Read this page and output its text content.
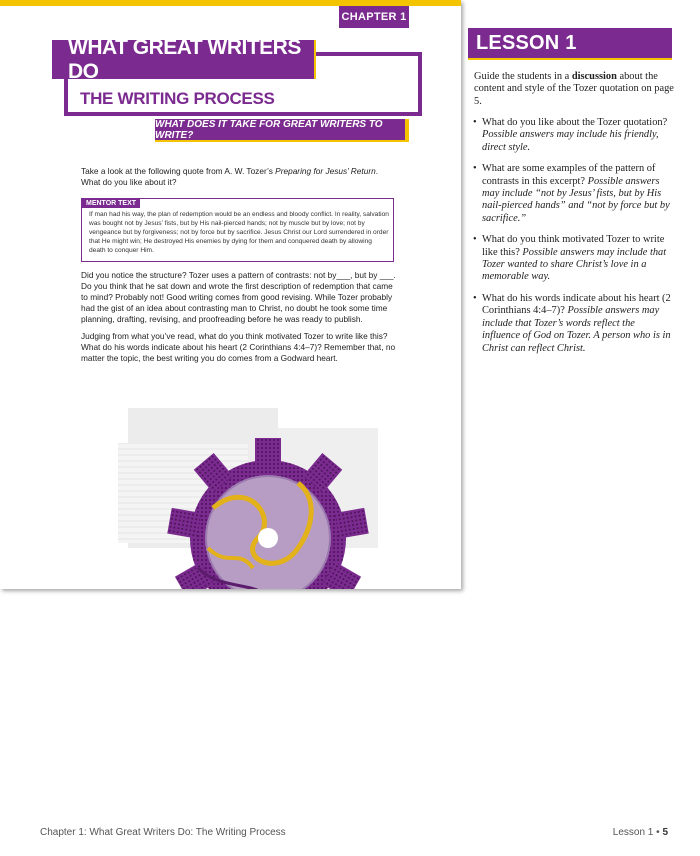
CHAPTER 1
WHAT GREAT WRITERS DO
THE WRITING PROCESS
WHAT DOES IT TAKE FOR GREAT WRITERS TO WRITE?

Take a look at the following quote from A. W. Tozer’s Preparing for Jesus’ Return. What do you like about it?

MENTOR TEXT

If man had his way, the plan of redemption would be an endless and bloody conflict. In reality, salvation was bought not by Jesus’ fists, but by His nail-pierced hands; not by muscle but by love; not by vengeance but by forgiveness; not by force but by sacrifice. Jesus Christ our Lord surrendered in order that He might win; He destroyed His enemies by dying for them and conquered death by allowing death to conquer Him.

Did you notice the structure? Tozer uses a pattern of contrasts: not by___, but by ___. Do you think that he sat down and wrote the first description of redemption that came to mind? Probably not! Good writing comes from good revising. While Tozer probably had the gist of an idea about contrasting man to Christ, no doubt he took some time planning, drafting, revising, and proofreading before he was ready to publish.

Judging from what you’ve read, what do you think motivated Tozer to write like this? What do his words indicate about his heart (2 Corinthians 4:4–7)? Remember that, no matter the topic, the best writing you do comes from a Godward heart.

LESSON 1

Guide the students in a discussion about the content and style of the Tozer quotation on page 5.

• What do you like about the Tozer quotation? Possible answers may include his friendly, direct style.
• What are some examples of the pattern of contrasts in this excerpt? Possible answers may include “not by Jesus’ fists, but by His nail-pierced hands” and “not by force but by sacrifice.”
• What do you think motivated Tozer to write like this? Possible answers may include that Tozer wanted to share Christ’s love in a memorable way.
• What do his words indicate about his heart (2 Corinthians 4:4–7)? Possible answers may include that Tozer’s words reflect the influence of God on Tozer. A person who is in Christ can reflect Christ.
Chapter 1: What Great Writers Do: The Writing Process	Lesson 1 • 5
